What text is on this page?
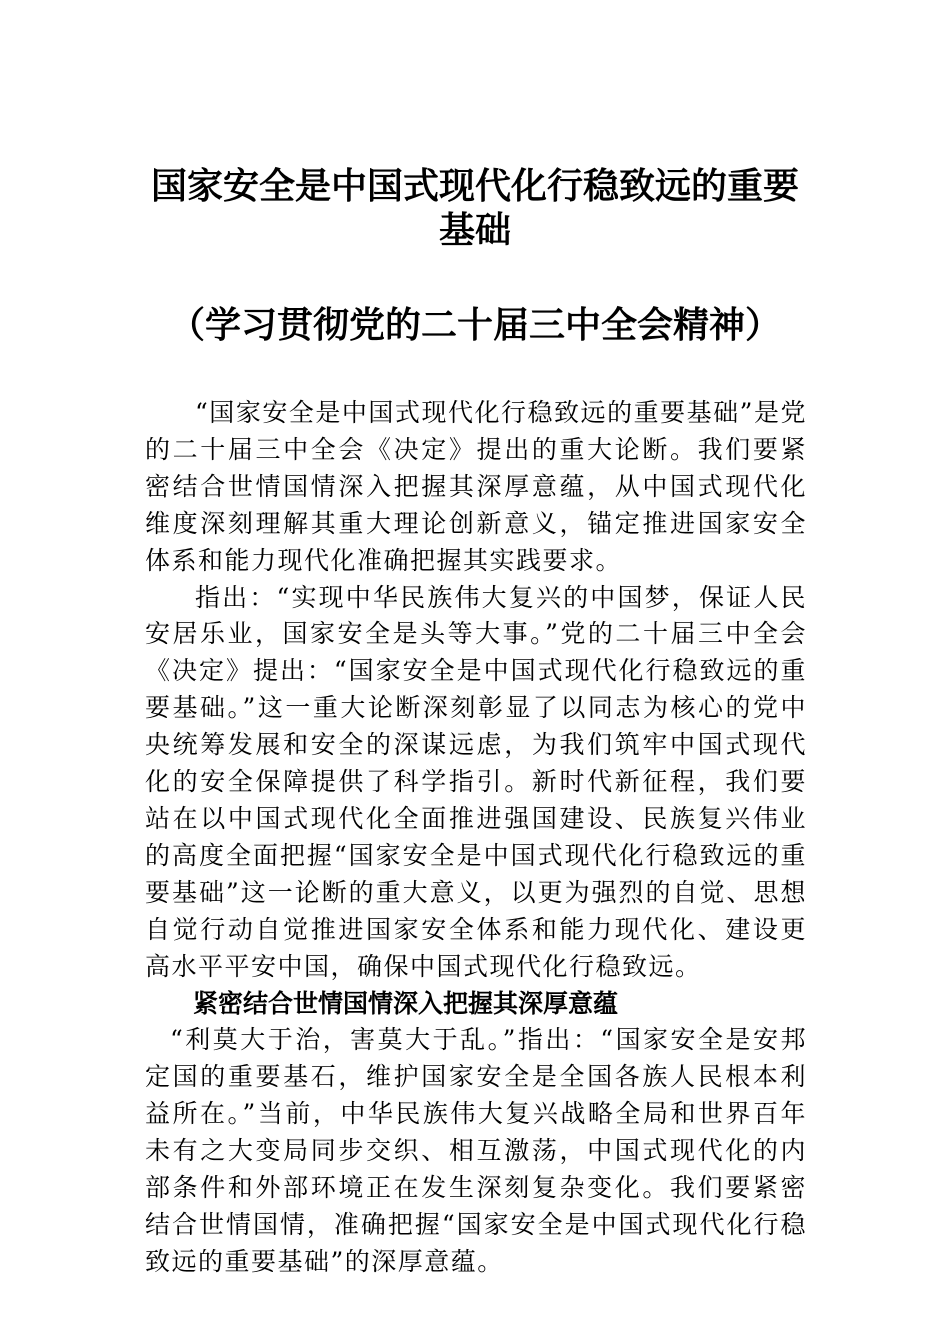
国家安全是中国式现代化行稳致远的重要
基础
（学习贯彻党的二十届三中全会精神）

“国家安全是中国式现代化行稳致远的重要基础”是党的二十届三中全会《决定》提出的重大论断。我们要紧密结合世情国情深入把握其深厚意蕴，从中国式现代化维度深刻理解其重大理论创新意义，锚定推进国家安全体系和能力现代化准确把握其实践要求。

指出：“实现中华民族伟大复兴的中国梦，保证人民安居乐业，国家安全是头等大事。”党的二十届三中全会《决定》提出：“国家安全是中国式现代化行稳致远的重要基础。”这一重大论断深刻彰显了以同志为核心的党中央统筹发展和安全的深谋远虑，为我们筑牢中国式现代化的安全保障提供了科学指引。新时代新征程，我们要站在以中国式现代化全面推进强国建设、民族复兴伟业的高度全面把握“国家安全是中国式现代化行稳致远的重要基础”这一论断的重大意义，以更为强烈的自觉、思想自觉行动自觉推进国家安全体系和能力现代化、建设更高水平平安中国，确保中国式现代化行稳致远。

紧密结合世情国情深入把握其深厚意蕴

“利莫大于治，害莫大于乱。”指出：“国家安全是安邦定国的重要基石，维护国家安全是全国各族人民根本利益所在。”当前，中华民族伟大复兴战略全局和世界百年未有之大变局同步交织、相互激荡，中国式现代化的内部条件和外部环境正在发生深刻复杂变化。我们要紧密结合世情国情，准确把握“国家安全是中国式现代化行稳致远的重要基础”的深厚意蕴。
